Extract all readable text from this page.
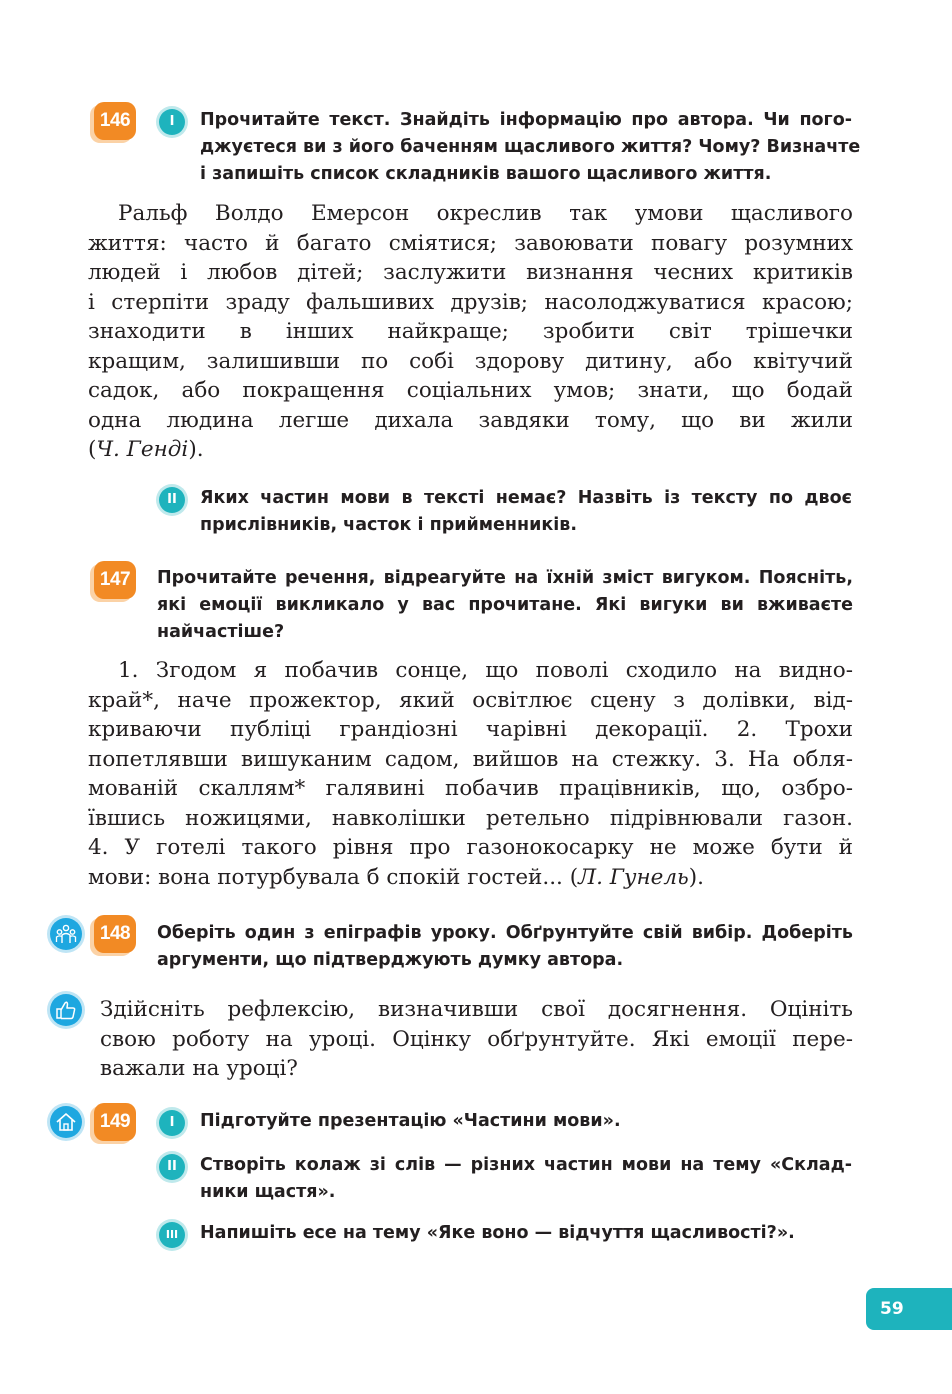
146	I	Прочитайте текст. Знайдіть інформацію про автора. Чи пого-
джуєтеся ви з його баченням щасливого життя? Чому? Визначте
і запишіть список складників вашого щасливого життя.
Ральф Волдо Емерсон окреслив так умови щасливого
життя: часто й багато сміятися; завоювати повагу розумних
людей і любов дітей; заслужити визнання чесних критиків
і стерпіти зраду фальшивих друзів; насолоджуватися красою;
знаходити в інших найкраще; зробити світ трішечки
кращим, залишивши по собі здорову дитину, або квітучий
садок, або покращення соціальних умов; знати, що бодай
одна людина легше дихала завдяки тому, що ви жили
(Ч. Генді).
II	Яких частин мови в тексті немає? Назвіть із тексту по двоє
прислівників, часток і прийменників.
147	Прочитайте речення, відреагуйте на їхній зміст вигуком. Поясніть,
які емоції викликало у вас прочитане. Які вигуки ви вживаєте
найчастіше?
1. Згодом я побачив сонце, що поволі сходило на видно-
край*, наче прожектор, який освітлює сцену з долівки, від-
криваючи публіці грандіозні чарівні декорації. 2. Трохи
попетлявши вишуканим садом, вийшов на стежку. 3. На обля-
мованій скаллям* галявині побачив працівників, що, озбро-
ївшись ножицями, навколішки ретельно підрівнювали газон.
4. У готелі такого рівня про газонокосарку не може бути й
мови: вона потурбувала б спокій гостей... (Л. Гунель).
148	Оберіть один з епіграфів уроку. Обґрунтуйте свій вибір. Доберіть
аргументи, що підтверджують думку автора.
Здійсніть рефлексію, визначивши свої досягнення. Оцініть
свою роботу на уроці. Оцінку обґрунтуйте. Які емоції пере-
важали на уроці?
149	I	Підготуйте презентацію «Частини мови».
II	Створіть колаж зі слів — різних частин мови на тему «Склад-
ники щастя».
III	Напишіть есе на тему «Яке воно — відчуття щасливості?».
59
